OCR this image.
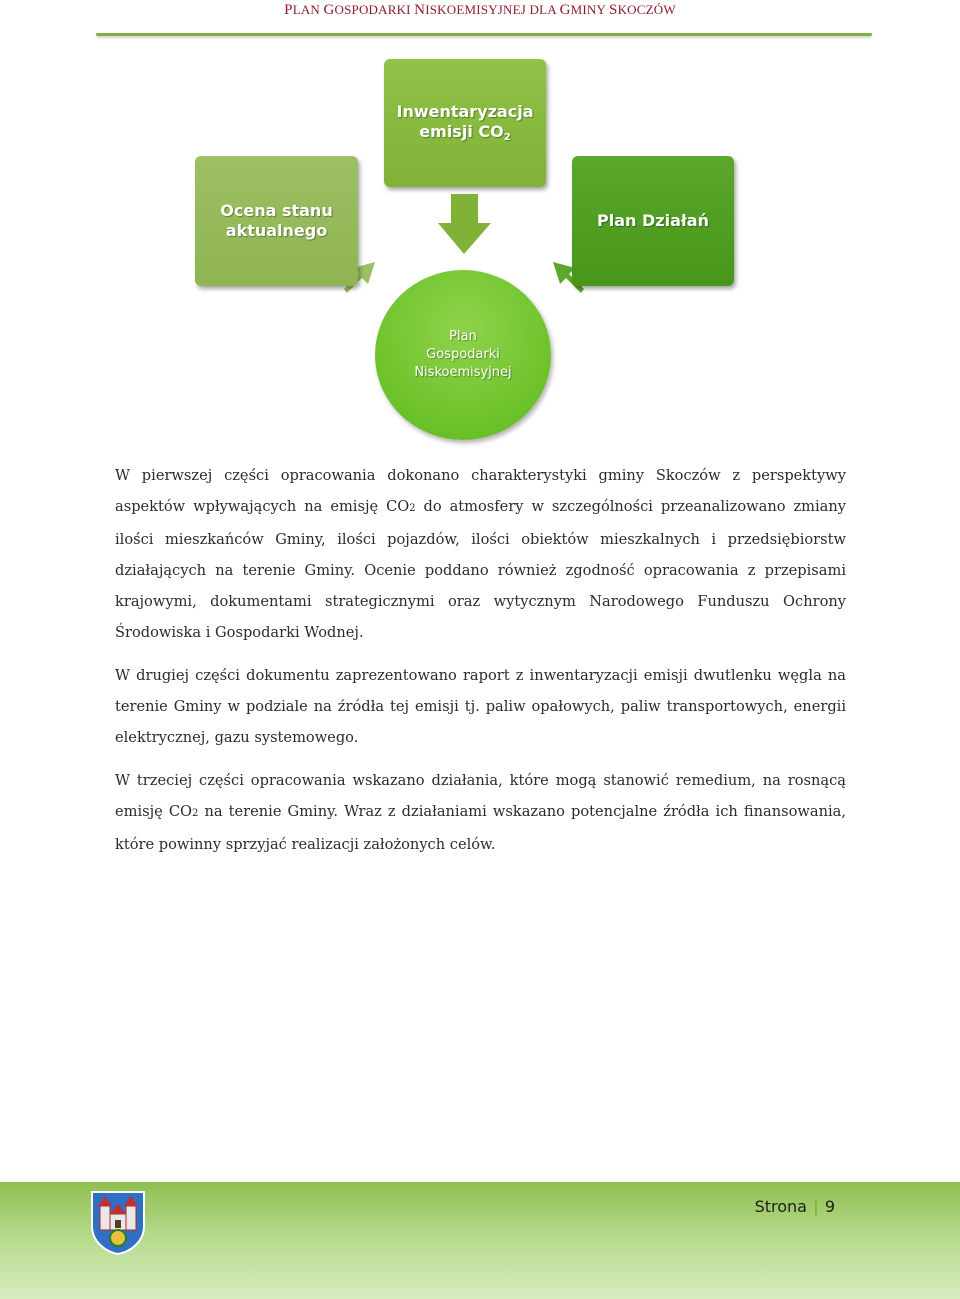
PLAN GOSPODARKI NISKOEMISYJNEJ DLA GMINY SKOCZÓW
Inwentaryzacja
emisji $CO_2$
Ocena stanu
aktualnego
Plan Działań
Plan
Gospodarki
Niskoemisyjnej

W pierwszej części opracowania dokonano charakterystyki gminy Skoczów z perspektywy aspektów wpływających na emisję CO2 do atmosfery w szczególności przeanalizowano zmiany ilości mieszkańców Gminy, ilości pojazdów, ilości obiektów mieszkalnych i przedsiębiorstw działających na terenie Gminy. Ocenie poddano również zgodność opracowania z przepisami krajowymi, dokumentami strategicznymi oraz wytycznym Narodowego Funduszu Ochrony Środowiska i Gospodarki Wodnej.

W drugiej części dokumentu zaprezentowano raport z inwentaryzacji emisji dwutlenku węgla na terenie Gminy w podziale na źródła tej emisji tj. paliw opałowych, paliw transportowych, energii elektrycznej, gazu systemowego.

W trzeciej części opracowania wskazano działania, które mogą stanowić remedium, na rosnącą emisję CO2 na terenie Gminy. Wraz z działaniami wskazano potencjalne źródła ich finansowania, które powinny sprzyjać realizacji założonych celów.

Strona | 9
